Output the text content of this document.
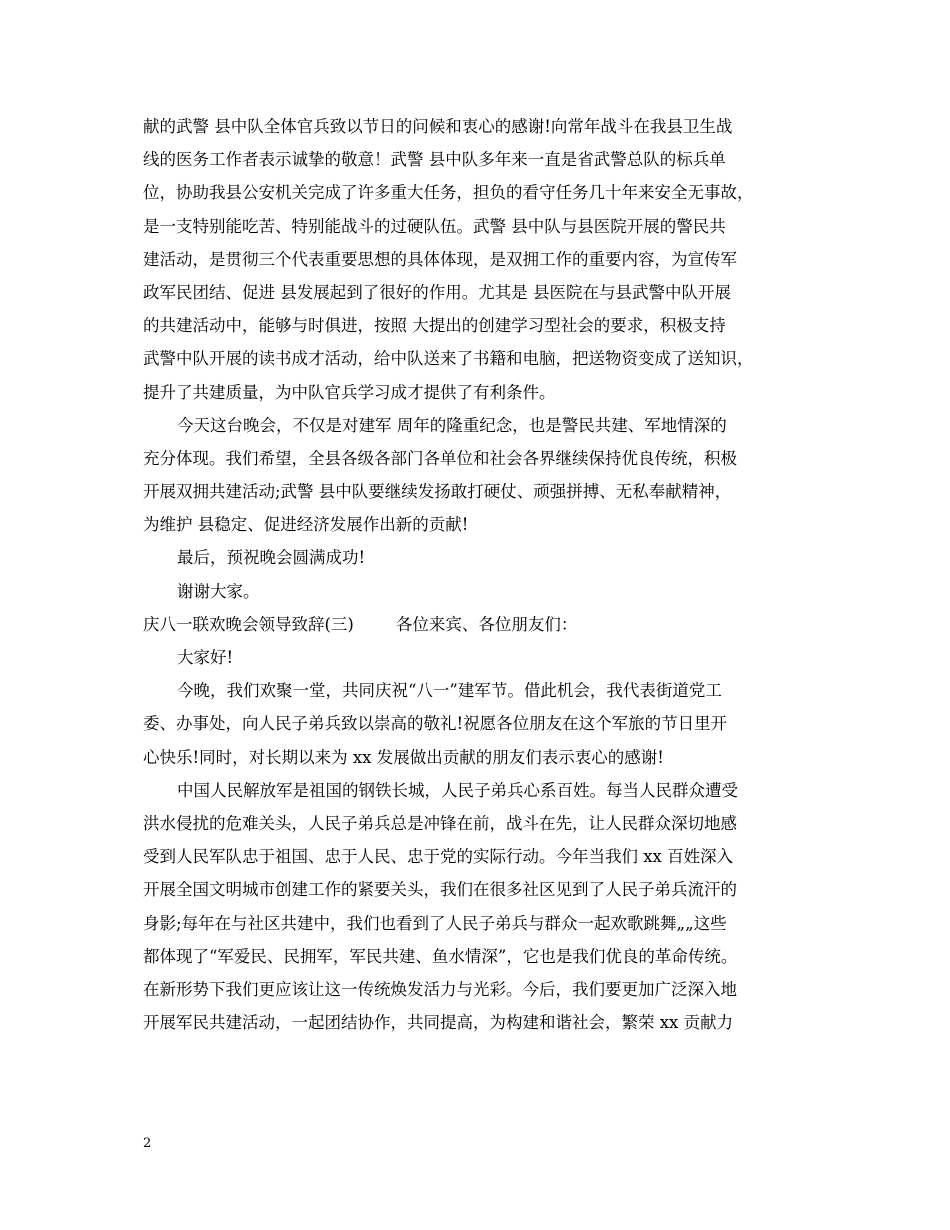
献的武警 县中队全体官兵致以节日的问候和衷心的感谢!向常年战斗在我县卫生战
线的医务工作者表示诚挚的敬意！武警 县中队多年来一直是省武警总队的标兵单
位，协助我县公安机关完成了许多重大任务，担负的看守任务几十年来安全无事故，
是一支特别能吃苦、特别能战斗的过硬队伍。武警 县中队与县医院开展的警民共
建活动，是贯彻三个代表重要思想的具体体现，是双拥工作的重要内容，为宣传军
政军民团结、促进 县发展起到了很好的作用。尤其是 县医院在与县武警中队开展
的共建活动中，能够与时俱进，按照 大提出的创建学习型社会的要求，积极支持
武警中队开展的读书成才活动，给中队送来了书籍和电脑，把送物资变成了送知识，
提升了共建质量，为中队官兵学习成才提供了有利条件。
今天这台晚会，不仅是对建军 周年的隆重纪念，也是警民共建、军地情深的
充分体现。我们希望，全县各级各部门各单位和社会各界继续保持优良传统，积极
开展双拥共建活动;武警 县中队要继续发扬敢打硬仗、顽强拼搏、无私奉献精神，
为维护 县稳定、促进经济发展作出新的贡献!
最后，预祝晚会圆满成功!
谢谢大家。
庆八一联欢晚会领导致辞(三)	各位来宾、各位朋友们：
大家好!
今晚，我们欢聚一堂，共同庆祝“八一”建军节。借此机会，我代表街道党工
委、办事处，向人民子弟兵致以崇高的敬礼!祝愿各位朋友在这个军旅的节日里开
心快乐!同时，对长期以来为 xx 发展做出贡献的朋友们表示衷心的感谢!
中国人民解放军是祖国的钢铁长城，人民子弟兵心系百姓。每当人民群众遭受
洪水侵扰的危难关头，人民子弟兵总是冲锋在前，战斗在先，让人民群众深切地感
受到人民军队忠于祖国、忠于人民、忠于党的实际行动。今年当我们 xx 百姓深入
开展全国文明城市创建工作的紧要关头，我们在很多社区见到了人民子弟兵流汗的
身影;每年在与社区共建中，我们也看到了人民子弟兵与群众一起欢歌跳舞„„这些
都体现了“军爱民、民拥军，军民共建、鱼水情深”，它也是我们优良的革命传统。
在新形势下我们更应该让这一传统焕发活力与光彩。今后，我们要更加广泛深入地
开展军民共建活动，一起团结协作，共同提高，为构建和谐社会，繁荣 xx 贡献力
2
